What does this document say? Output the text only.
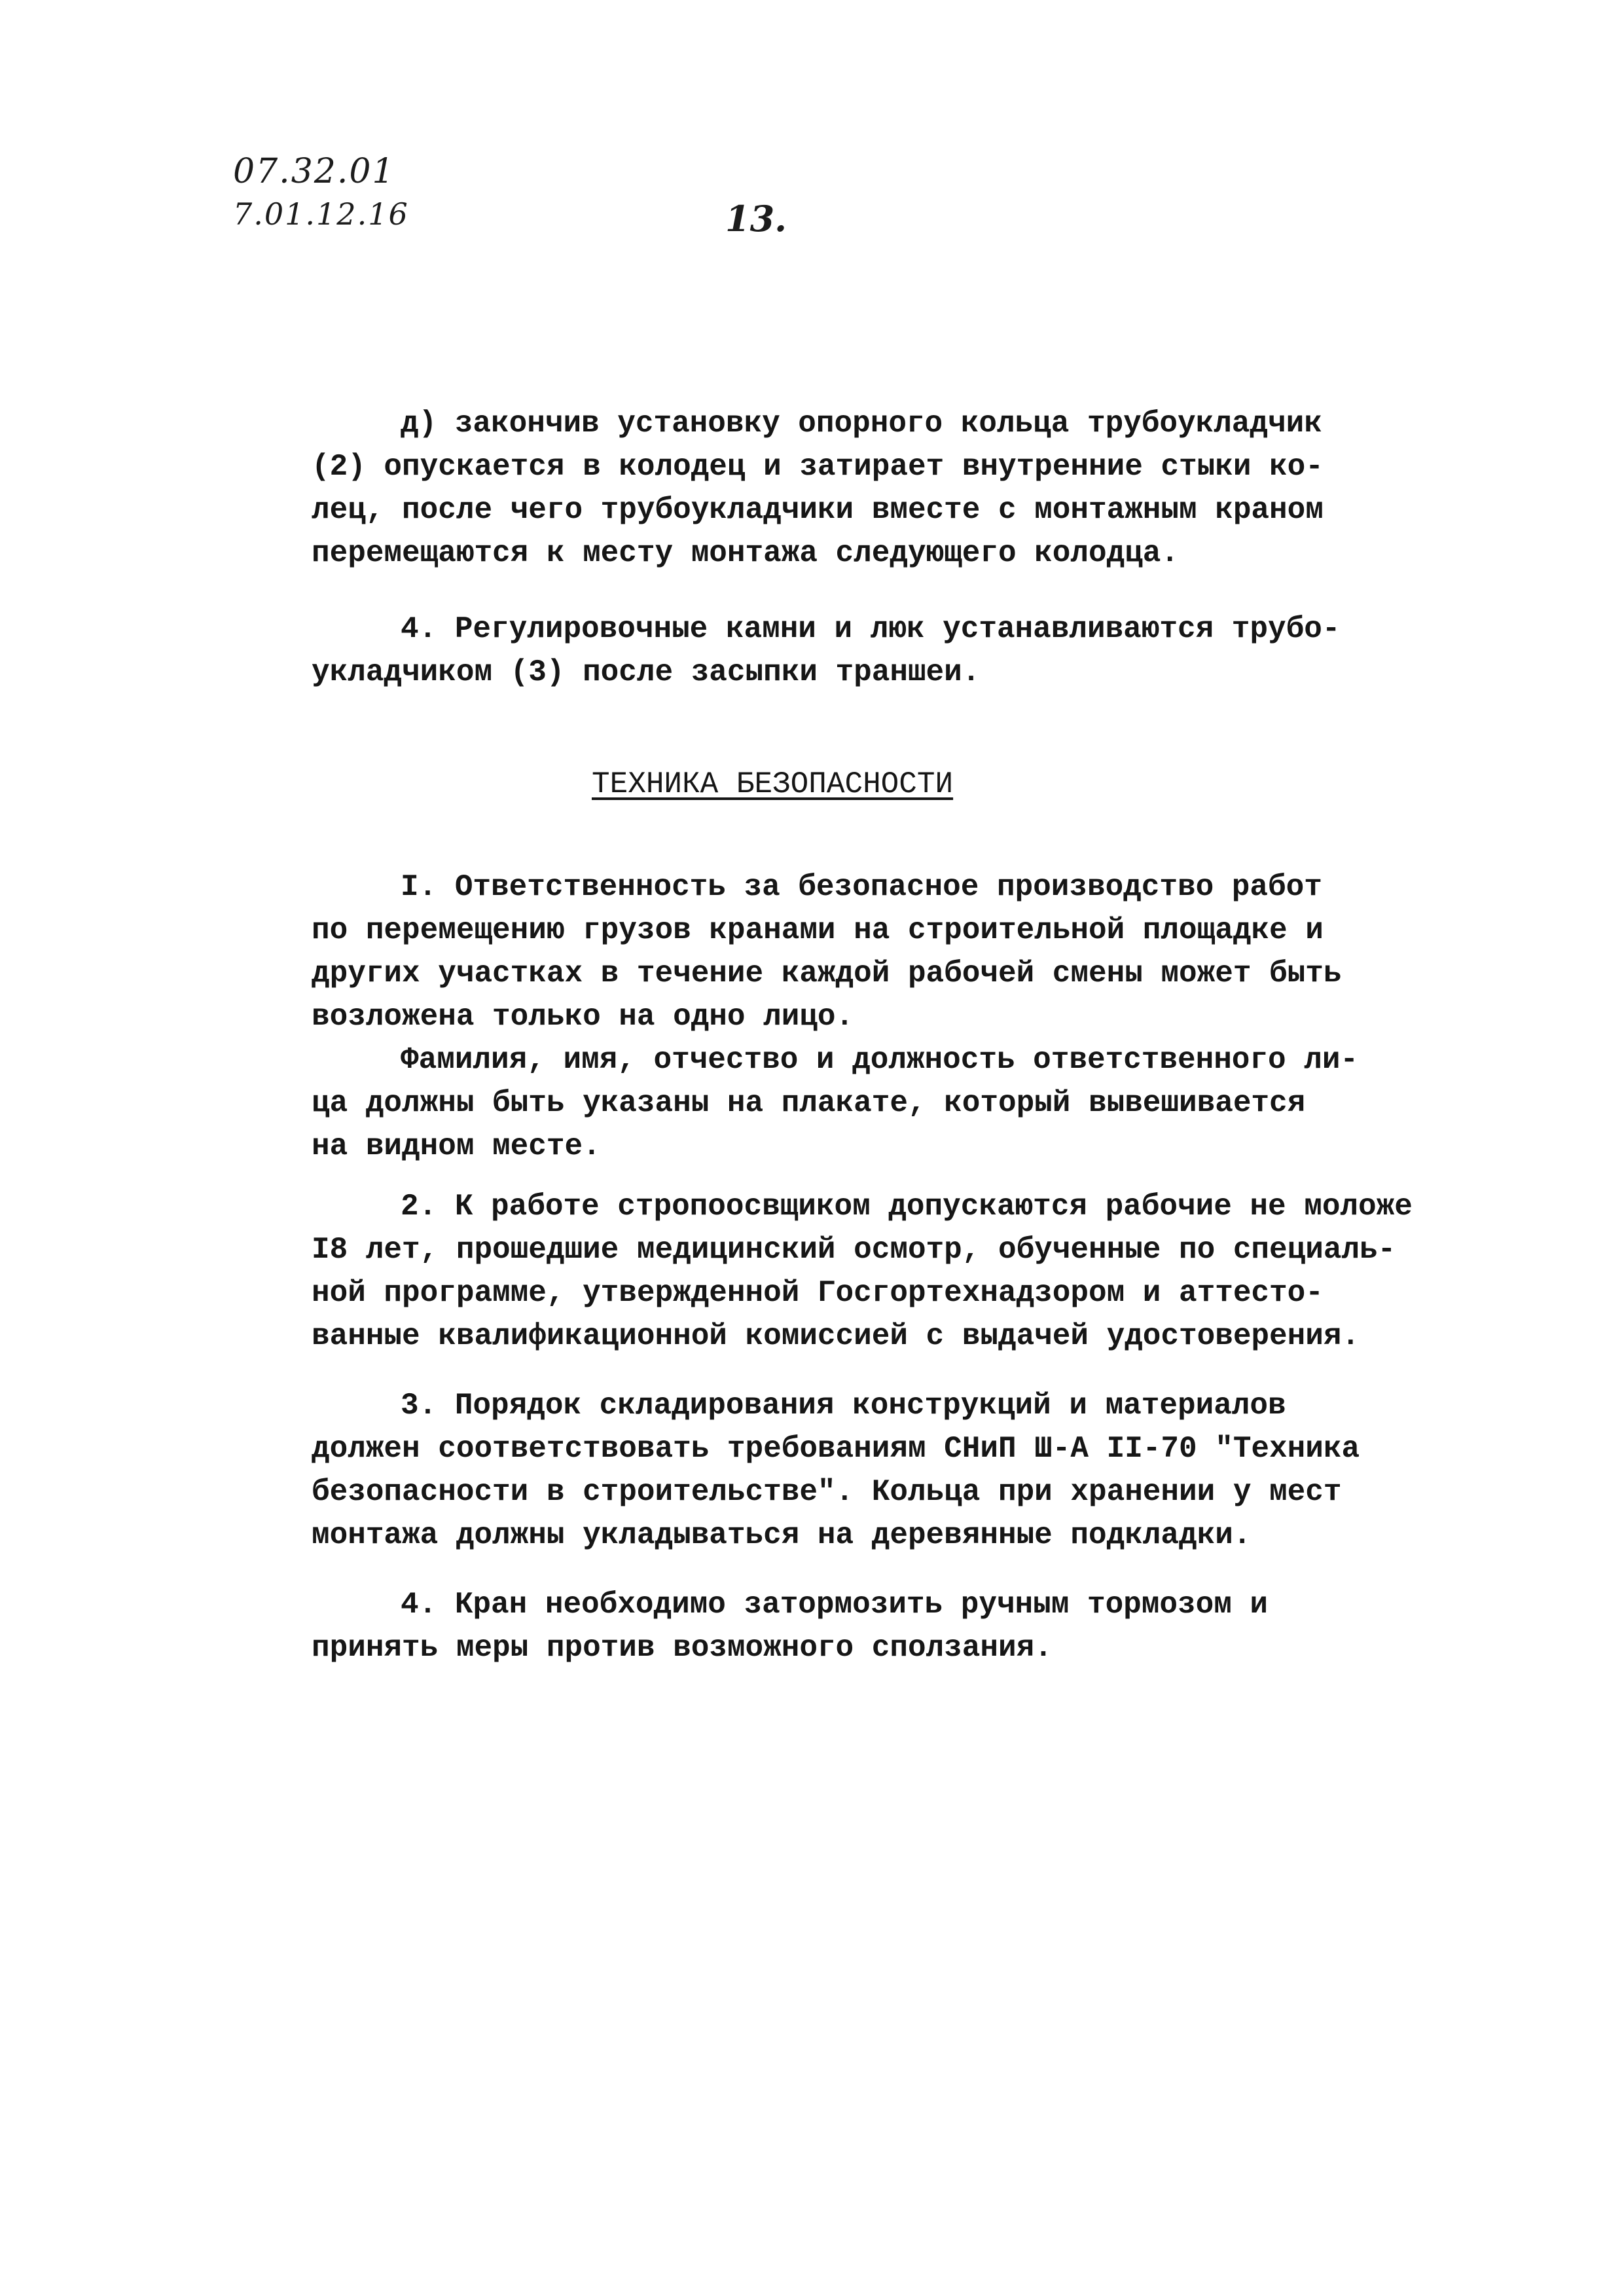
07.32.01
7.01.12.16	13.
д) закончив установку опорного кольца трубоукладчик
(2) опускается в колодец и затирает внутренние стыки ко-
лец, после чего трубоукладчики вместе с монтажным краном
перемещаются к месту монтажа следующего колодца.
4. Регулировочные камни и люк устанавливаются трубо-
укладчиком (3) после засыпки траншеи.
ТЕХНИКА БЕЗОПАСНОСТИ
I. Ответственность за безопасное производство работ
по перемещению грузов кранами на строительной площадке и
других участках в течение каждой рабочей смены может быть
возложена только на одно лицо.
Фамилия, имя, отчество и должность ответственного ли-
ца должны быть указаны на плакате, который вывешивается
на видном месте.
2. К работе стропоосвщиком допускаются рабочие не моложе
I8 лет, прошедшие медицинский осмотр, обученные по специаль-
ной программе, утвержденной Госгортехнадзором и аттесто-
ванные квалификационной комиссией с выдачей удостоверения.
3. Порядок складирования конструкций и материалов
должен соответствовать требованиям СНиП Ш-А II-70 "Техника
безопасности в строительстве". Кольца при хранении у мест
монтажа должны укладываться на деревянные подкладки.
4. Кран необходимо затормозить ручным тормозом и
принять меры против возможного сползания.
